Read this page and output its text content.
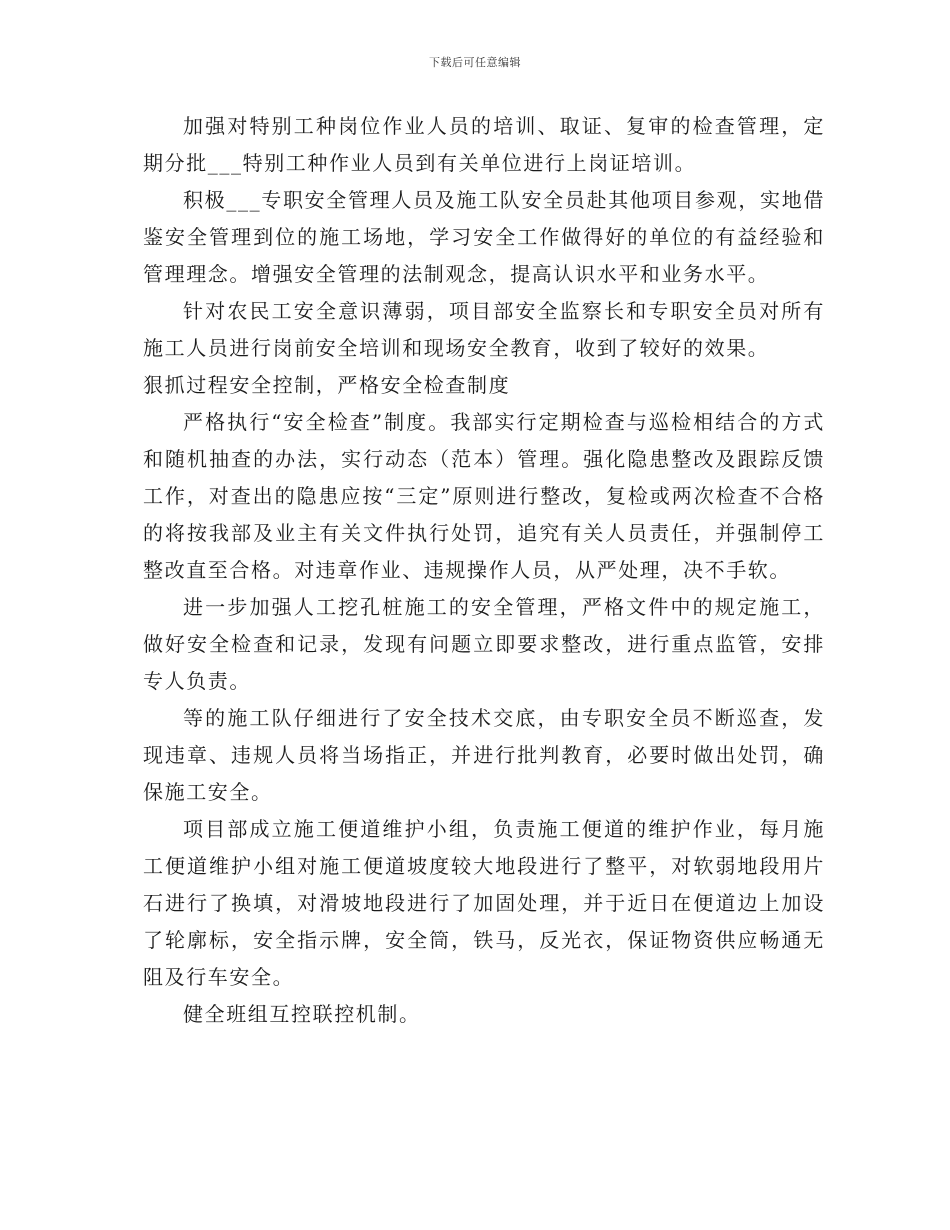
下载后可任意编辑

加强对特别工种岗位作业人员的培训、取证、复审的检查管理，定期分批___特别工种作业人员到有关单位进行上岗证培训。

积极___专职安全管理人员及施工队安全员赴其他项目参观，实地借鉴安全管理到位的施工场地，学习安全工作做得好的单位的有益经验和管理理念。增强安全管理的法制观念，提高认识水平和业务水平。

针对农民工安全意识薄弱，项目部安全监察长和专职安全员对所有施工人员进行岗前安全培训和现场安全教育，收到了较好的效果。

狠抓过程安全控制，严格安全检查制度

严格执行“安全检查”制度。我部实行定期检查与巡检相结合的方式和随机抽查的办法，实行动态（范本）管理。强化隐患整改及跟踪反馈工作，对查出的隐患应按“三定”原则进行整改，复检或两次检查不合格的将按我部及业主有关文件执行处罚，追究有关人员责任，并强制停工整改直至合格。对违章作业、违规操作人员，从严处理，决不手软。

进一步加强人工挖孔桩施工的安全管理，严格文件中的规定施工，做好安全检查和记录，发现有问题立即要求整改，进行重点监管，安排专人负责。

等的施工队仔细进行了安全技术交底，由专职安全员不断巡查，发现违章、违规人员将当场指正，并进行批判教育，必要时做出处罚，确保施工安全。

项目部成立施工便道维护小组，负责施工便道的维护作业，每月施工便道维护小组对施工便道坡度较大地段进行了整平，对软弱地段用片石进行了换填，对滑坡地段进行了加固处理，并于近日在便道边上加设了轮廓标，安全指示牌，安全筒，铁马，反光衣，保证物资供应畅通无阻及行车安全。

健全班组互控联控机制。
